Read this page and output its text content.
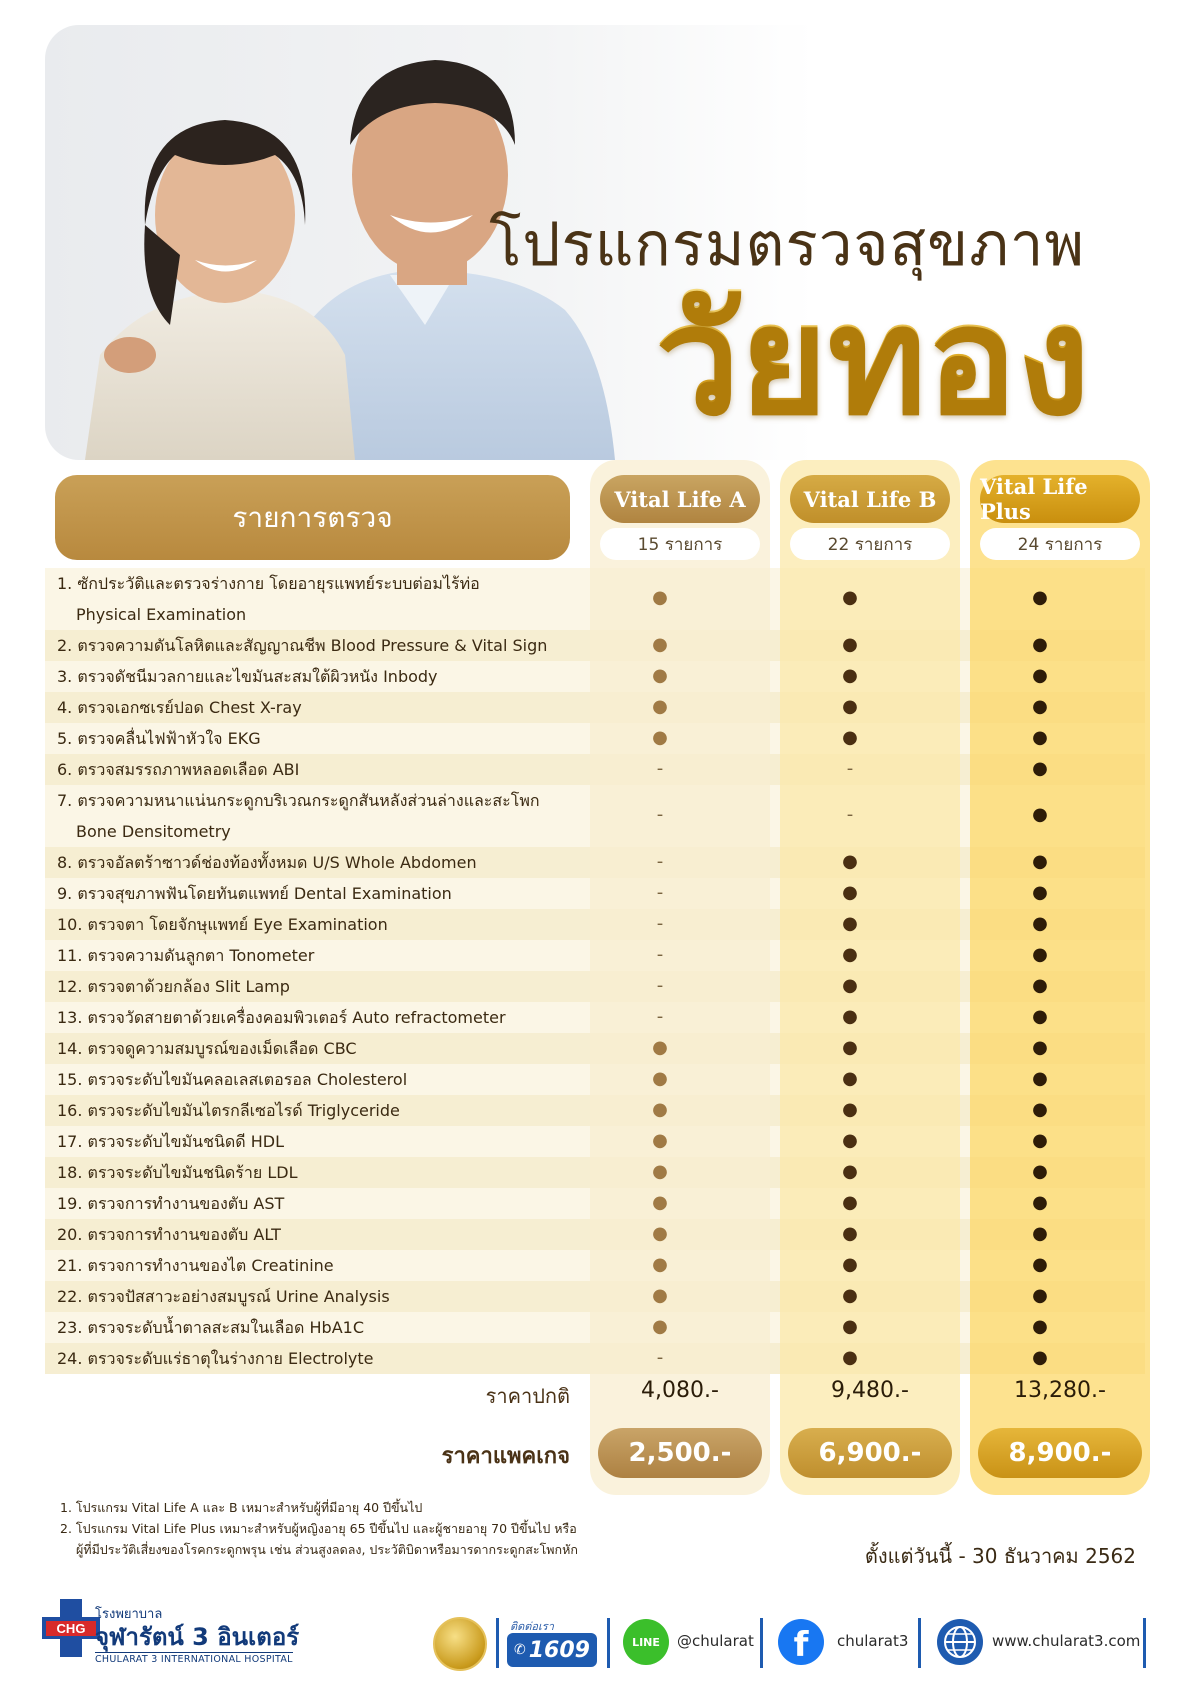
โปรแกรมตรวจสุขภาพ
วัยทอง
รายการตรวจ
Vital Life A	Vital Life B	Vital Life Plus
15 รายการ	22 รายการ	24 รายการ
1. ซักประวัติและตรวจร่างกาย โดยอายุรแพทย์ระบบต่อมไร้ท่อ
Physical Examination
●	●	●
2. ตรวจความดันโลหิตและสัญญาณชีพ Blood Pressure & Vital Sign	●	●	●
3. ตรวจดัชนีมวลกายและไขมันสะสมใต้ผิวหนัง Inbody	●	●	●
4. ตรวจเอกซเรย์ปอด Chest X-ray	●	●	●
5. ตรวจคลื่นไฟฟ้าหัวใจ EKG	●	●	●
6. ตรวจสมรรถภาพหลอดเลือด ABI	-	-	●
7. ตรวจความหนาแน่นกระดูกบริเวณกระดูกสันหลังส่วนล่างและสะโพก
Bone Densitometry
-	-	●
8. ตรวจอัลตร้าซาวด์ช่องท้องทั้งหมด U/S Whole Abdomen	-	●	●
9. ตรวจสุขภาพฟันโดยทันตแพทย์ Dental Examination	-	●	●
10. ตรวจตา โดยจักษุแพทย์ Eye Examination	-	●	●
11. ตรวจความดันลูกตา Tonometer	-	●	●
12. ตรวจตาด้วยกล้อง Slit Lamp	-	●	●
13. ตรวจวัดสายตาด้วยเครื่องคอมพิวเตอร์ Auto refractometer	-	●	●
14. ตรวจดูความสมบูรณ์ของเม็ดเลือด CBC	●	●	●
15. ตรวจระดับไขมันคลอเลสเตอรอล Cholesterol	●	●	●
16. ตรวจระดับไขมันไตรกลีเซอไรด์ Triglyceride	●	●	●
17. ตรวจระดับไขมันชนิดดี HDL	●	●	●
18. ตรวจระดับไขมันชนิดร้าย LDL	●	●	●
19. ตรวจการทำงานของตับ AST	●	●	●
20. ตรวจการทำงานของตับ ALT	●	●	●
21. ตรวจการทำงานของไต Creatinine	●	●	●
22. ตรวจปัสสาวะอย่างสมบูรณ์ Urine Analysis	●	●	●
23. ตรวจระดับน้ำตาลสะสมในเลือด HbA1C	●	●	●
24. ตรวจระดับแร่ธาตุในร่างกาย Electrolyte	-	●	●
ราคาปกติ	4,080.-	9,480.-	13,280.-
ราคาแพคเกจ	2,500.-	6,900.-	8,900.-
1. โปรแกรม Vital Life A และ B เหมาะสำหรับผู้ที่มีอายุ 40 ปีขึ้นไป
2. โปรแกรม Vital Life Plus เหมาะสำหรับผู้หญิงอายุ 65 ปีขึ้นไป และผู้ชายอายุ 70 ปีขึ้นไป หรือ

ผู้ที่มีประวัติเสี่ยงของโรคกระดูกพรุน เช่น ส่วนสูงลดลง, ประวัติบิดาหรือมารดากระดูกสะโพกหัก	ตั้งแต่วันนี้ - 30 ธันวาคม 2562
CHG
โรงพยาบาล
จุฬารัตน์ 3 อินเตอร์
CHULARAT 3 INTERNATIONAL HOSPITAL
ติดต่อเรา
✆ 1609	LINE	@chularat	f	chularat3	www.chularat3.com
